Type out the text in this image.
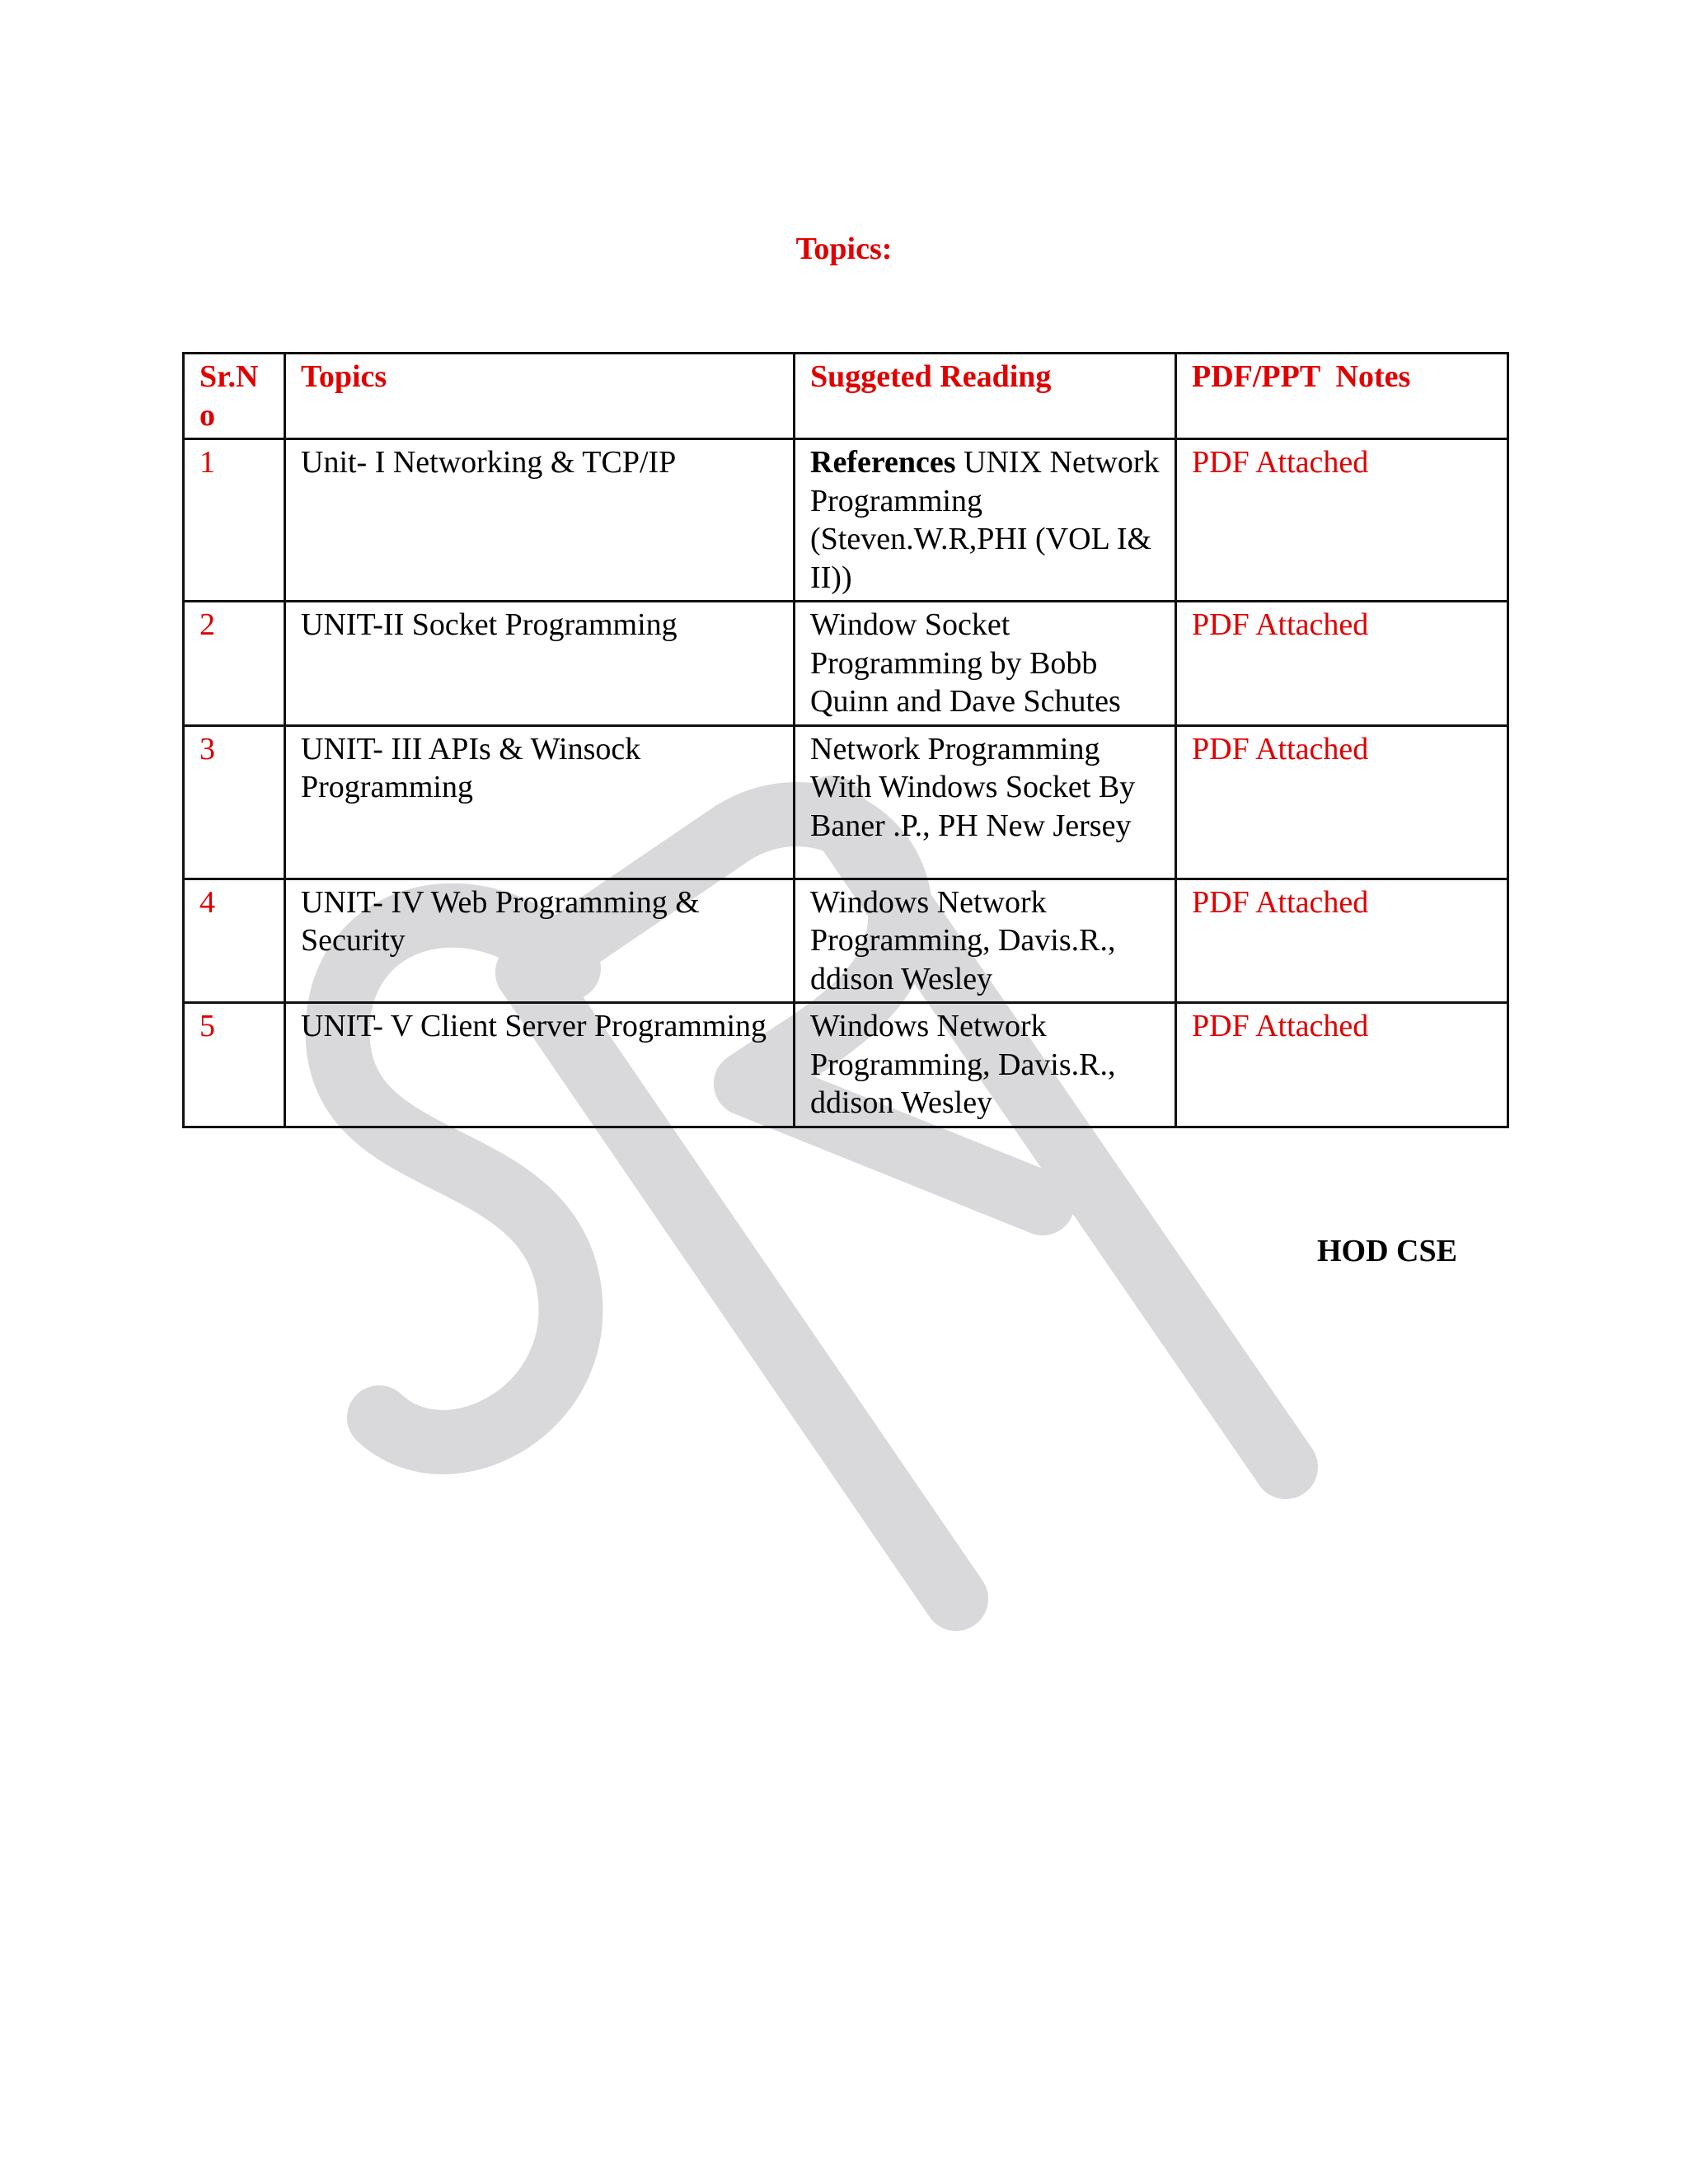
Topics:
Sr.No	Topics	Suggeted Reading	PDF/PPT  Notes
1	Unit- I Networking & TCP/IP	References UNIX Network Programming (Steven.W.R,PHI (VOL I& II))	PDF Attached
2	UNIT-II Socket Programming	Window Socket Programming by Bobb Quinn and Dave Schutes	PDF Attached
3	UNIT- III APIs & Winsock Programming	Network Programming With Windows Socket By Baner .P., PH New Jersey	PDF Attached
4	UNIT- IV Web Programming & Security	Windows Network Programming, Davis.R., ddison Wesley	PDF Attached
5	UNIT- V Client Server Programming	Windows Network Programming, Davis.R., ddison Wesley	PDF Attached
HOD CSE
